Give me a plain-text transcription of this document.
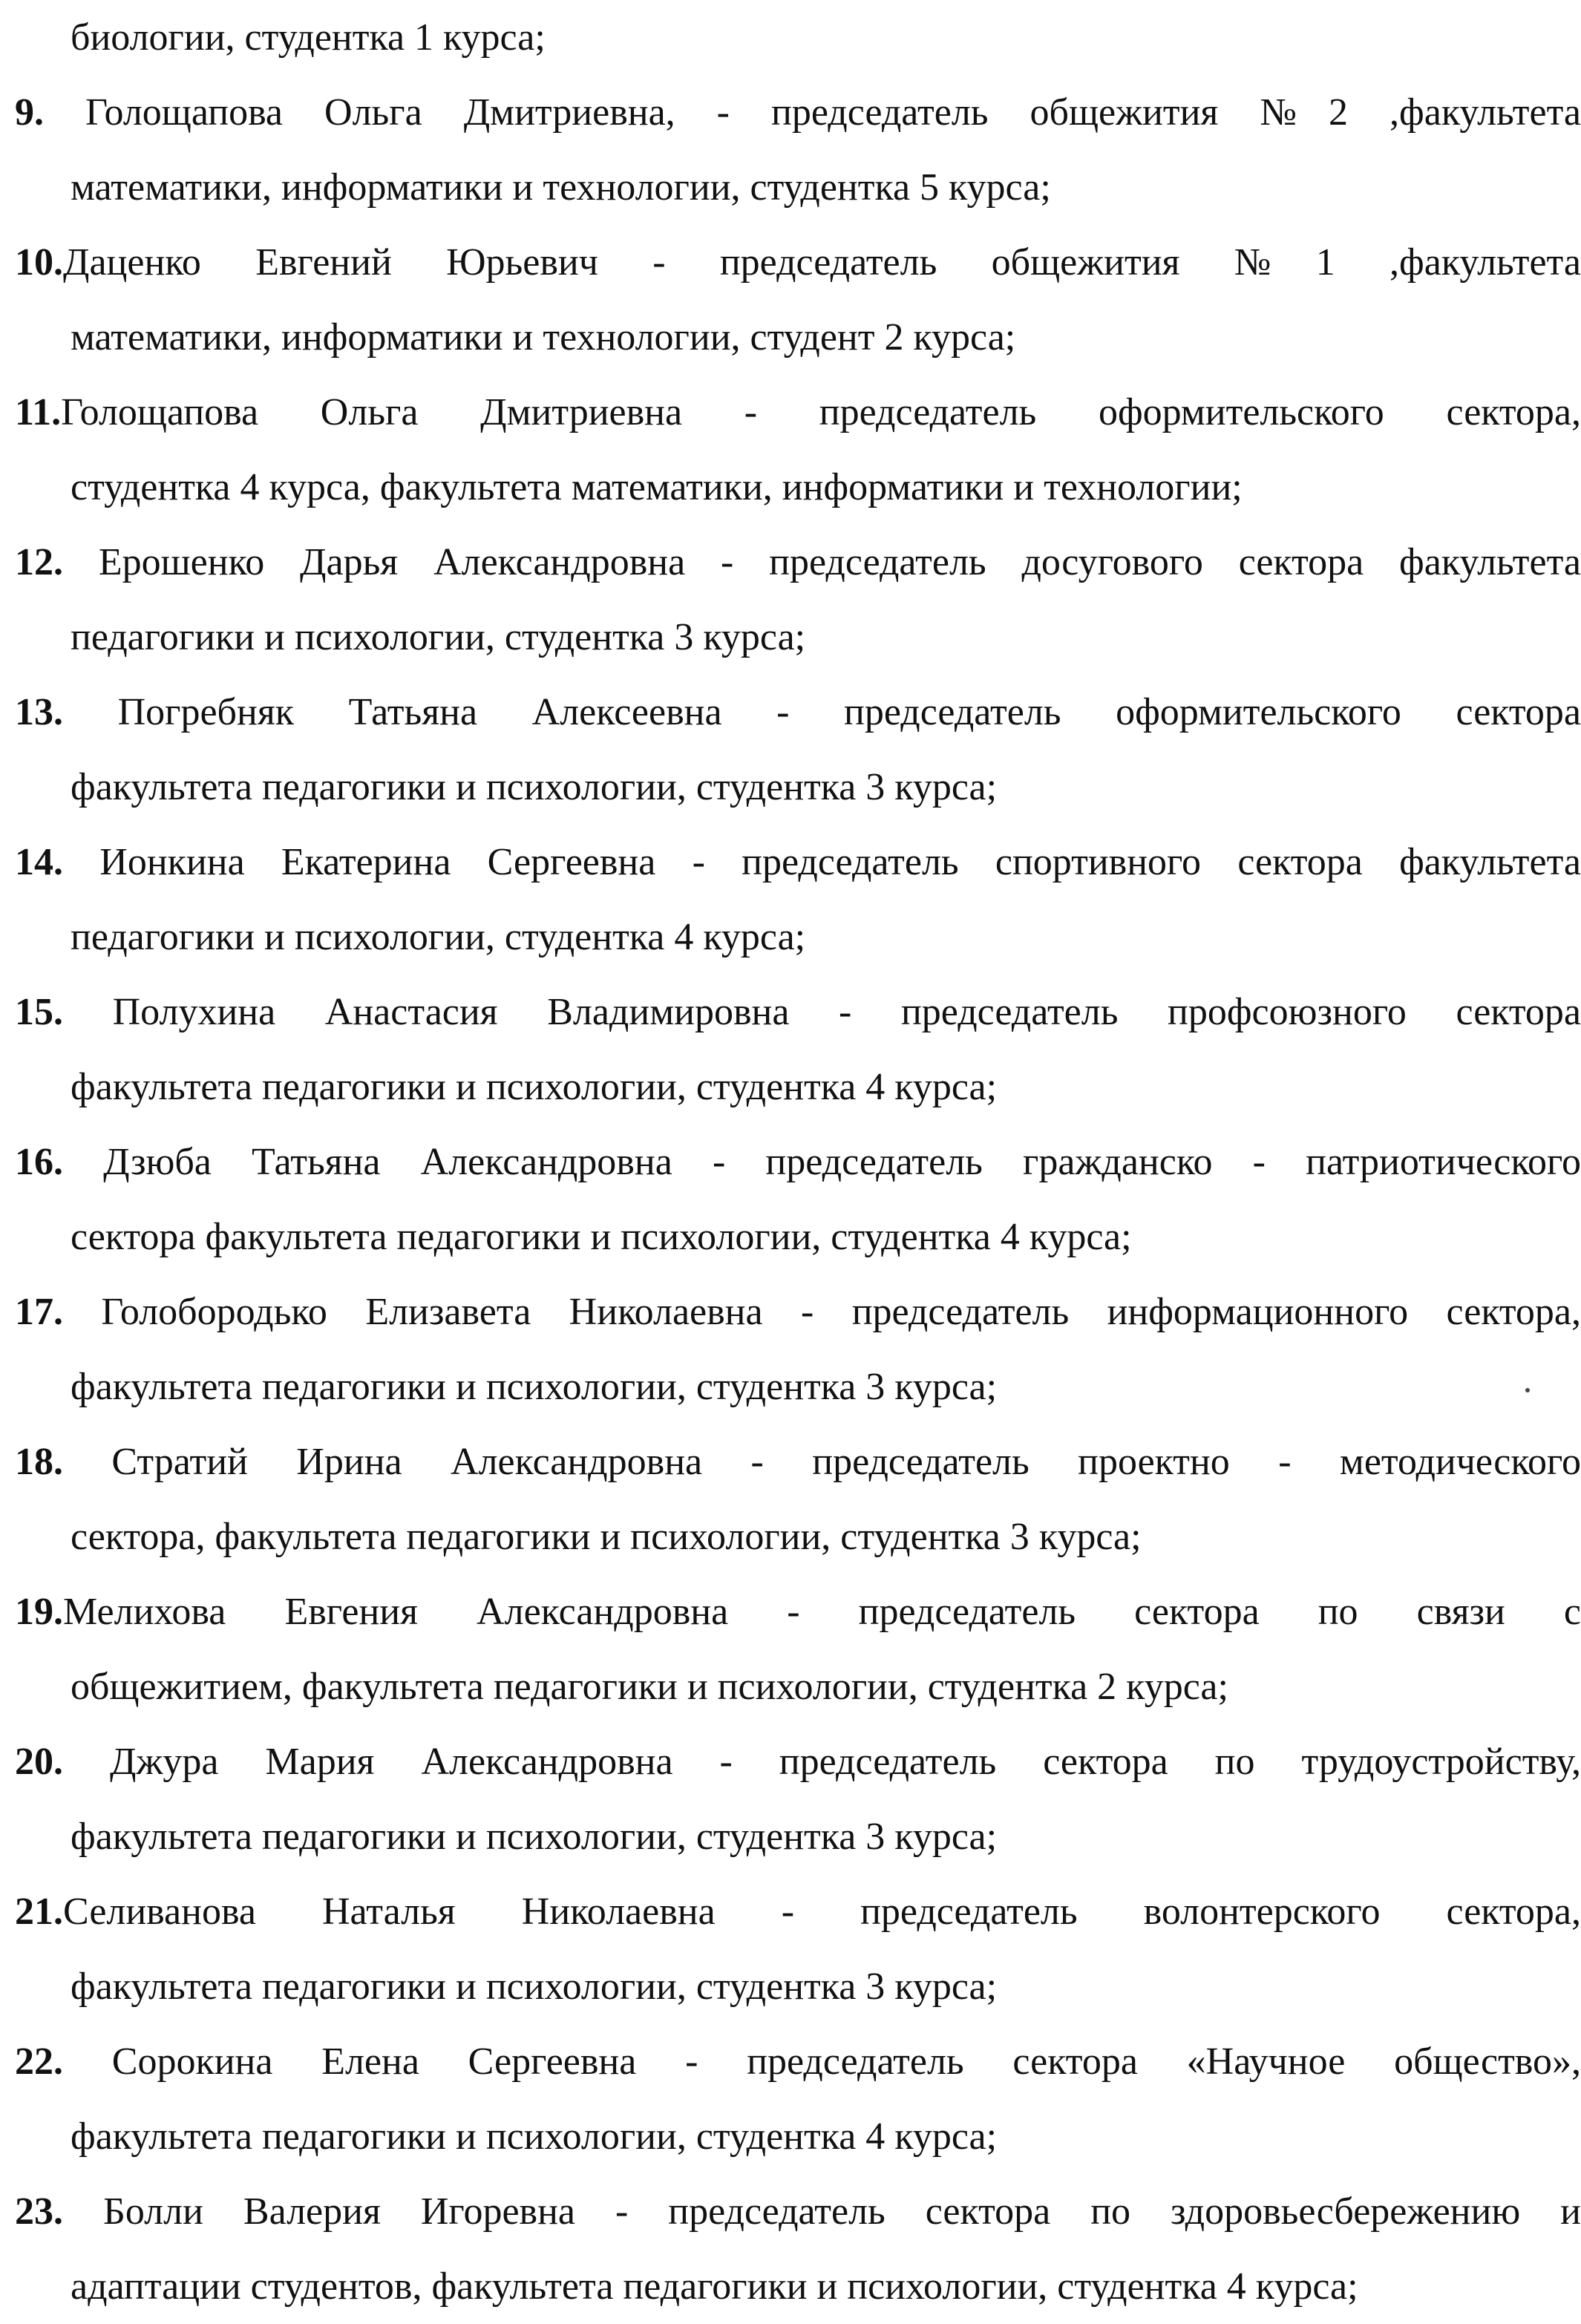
биологии, студентка 1 курса;
9. Голощапова Ольга Дмитриевна, - председатель общежития №2 ,факультета
математики, информатики и технологии, студентка 5 курса;
10.Даценко Евгений Юрьевич - председатель общежития №1 ,факультета
математики, информатики и технологии, студент 2 курса;
11.Голощапова Ольга Дмитриевна - председатель оформительского сектора,
студентка 4 курса, факультета математики, информатики и технологии;
12. Ерошенко Дарья Александровна - председатель досугового сектора факультета
педагогики и психологии, студентка 3 курса;
13. Погребняк Татьяна Алексеевна - председатель оформительского сектора
факультета педагогики и психологии, студентка 3 курса;
14. Ионкина Екатерина Сергеевна - председатель спортивного сектора факультета
педагогики и психологии, студентка 4 курса;
15. Полухина Анастасия Владимировна - председатель профсоюзного сектора
факультета педагогики и психологии, студентка 4 курса;
16. Дзюба Татьяна Александровна - председатель гражданско - патриотического
сектора факультета педагогики и психологии, студентка 4 курса;
17. Голобородько Елизавета Николаевна - председатель информационного сектора,
факультета педагогики и психологии, студентка 3 курса;
18. Стратий Ирина Александровна - председатель проектно - методического
сектора, факультета педагогики и психологии, студентка 3 курса;
19.Мелихова Евгения Александровна - председатель сектора по связи с
общежитием, факультета педагогики и психологии, студентка 2 курса;
20. Джура Мария Александровна - председатель сектора по трудоустройству,
факультета педагогики и психологии, студентка 3 курса;
21.Селиванова Наталья Николаевна - председатель волонтерского сектора,
факультета педагогики и психологии, студентка 3 курса;
22. Сорокина Елена Сергеевна - председатель сектора «Научное общество»,
факультета педагогики и психологии, студентка 4 курса;
23. Болли Валерия Игоревна - председатель сектора по здоровьесбережению и
адаптации студентов, факультета педагогики и психологии, студентка 4 курса;
